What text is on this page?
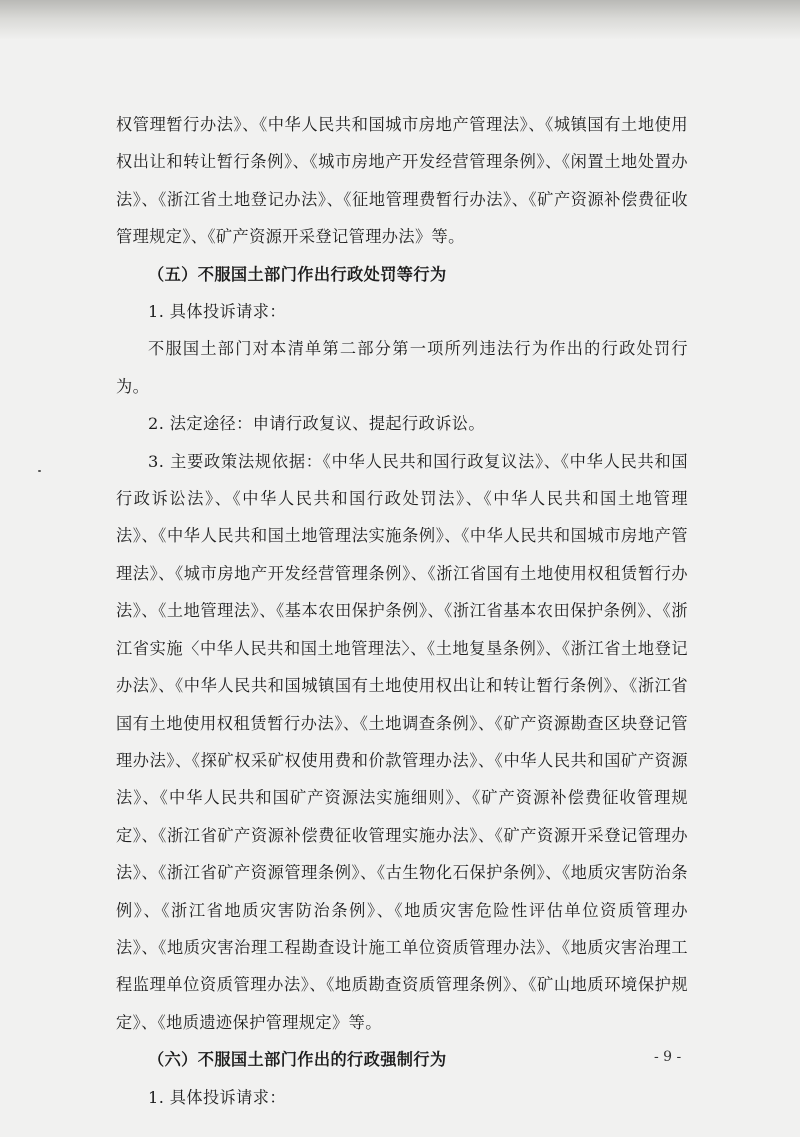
权管理暂行办法》、《中华人民共和国城市房地产管理法》、《城镇国有土地使用权出让和转让暂行条例》、《城市房地产开发经营管理条例》、《闲置土地处置办法》、《浙江省土地登记办法》、《征地管理费暂行办法》、《矿产资源补偿费征收管理规定》、《矿产资源开采登记管理办法》等。

（五）不服国土部门作出行政处罚等行为

1. 具体投诉请求：

不服国土部门对本清单第二部分第一项所列违法行为作出的行政处罚行为。

2. 法定途径：申请行政复议、提起行政诉讼。

3. 主要政策法规依据：《中华人民共和国行政复议法》、《中华人民共和国行政诉讼法》、《中华人民共和国行政处罚法》、《中华人民共和国土地管理法》、《中华人民共和国土地管理法实施条例》、《中华人民共和国城市房地产管理法》、《城市房地产开发经营管理条例》、《浙江省国有土地使用权租赁暂行办法》、《土地管理法》、《基本农田保护条例》、《浙江省基本农田保护条例》、《浙江省实施〈中华人民共和国土地管理法〉、《土地复垦条例》、《浙江省土地登记办法》、《中华人民共和国城镇国有土地使用权出让和转让暂行条例》、《浙江省国有土地使用权租赁暂行办法》、《土地调查条例》、《矿产资源勘查区块登记管理办法》、《探矿权采矿权使用费和价款管理办法》、《中华人民共和国矿产资源法》、《中华人民共和国矿产资源法实施细则》、《矿产资源补偿费征收管理规定》、《浙江省矿产资源补偿费征收管理实施办法》、《矿产资源开采登记管理办法》、《浙江省矿产资源管理条例》、《古生物化石保护条例》、《地质灾害防治条例》、《浙江省地质灾害防治条例》、《地质灾害危险性评估单位资质管理办法》、《地质灾害治理工程勘查设计施工单位资质管理办法》、《地质灾害治理工程监理单位资质管理办法》、《地质勘查资质管理条例》、《矿山地质环境保护规定》、《地质遗迹保护管理规定》等。

（六）不服国土部门作出的行政强制行为

1. 具体投诉请求：

- 9 -
